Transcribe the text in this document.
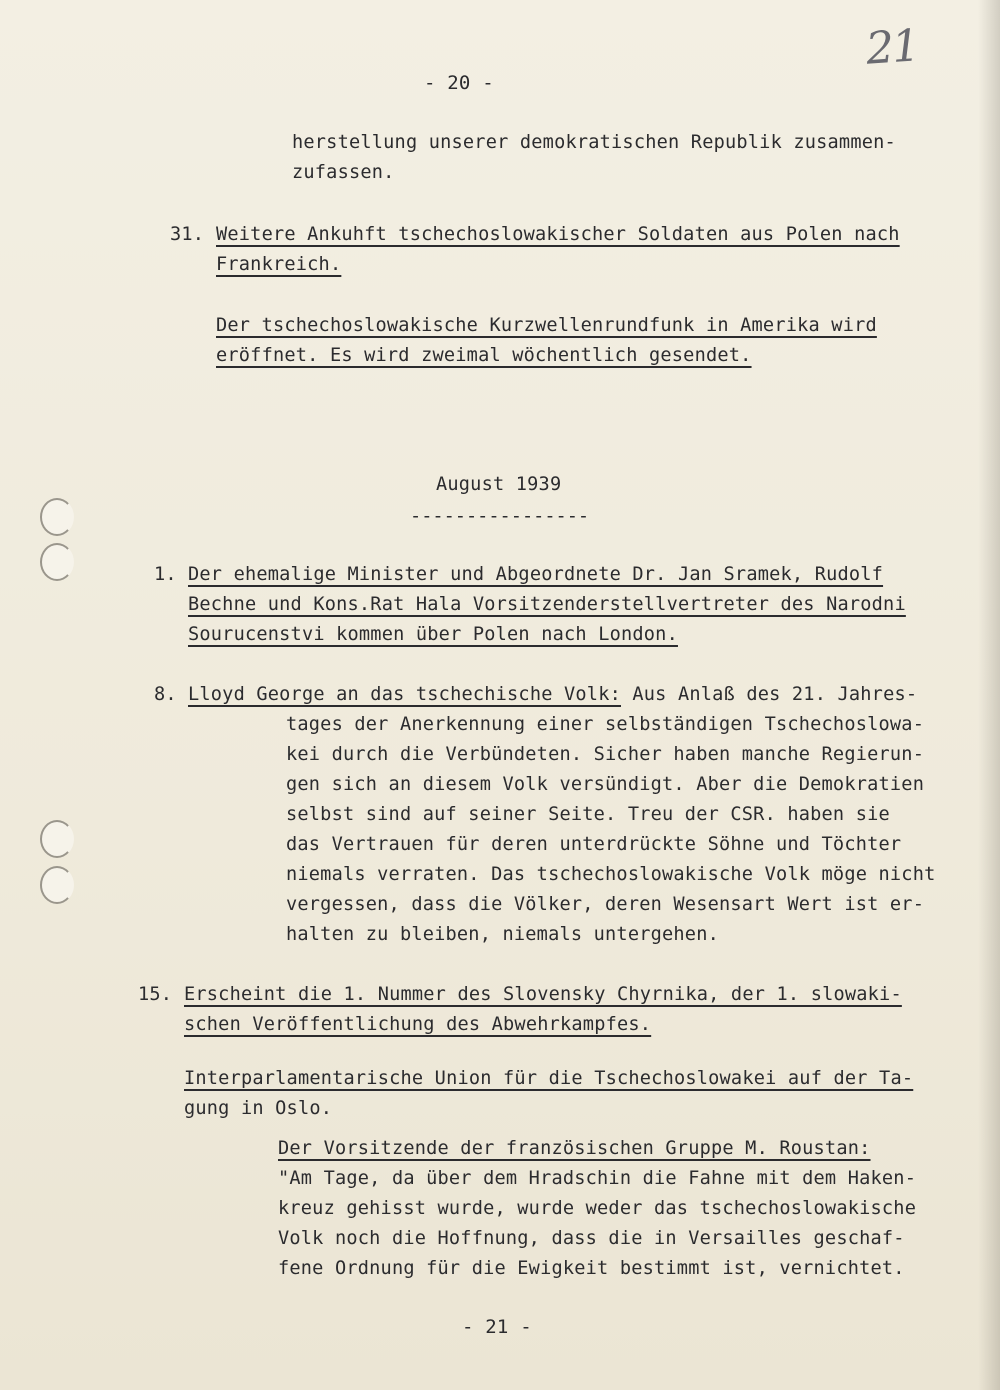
21
- 20 -
herstellung unserer demokratischen Republik zusammen-
zufassen.
31. Weitere Ankuhft tschechoslowakischer Soldaten aus Polen nach
Frankreich.
Der tschechoslowakische Kurzwellenrundfunk in Amerika wird
eröffnet. Es wird zweimal wöchentlich gesendet.
August 1939
----------------
1. Der ehemalige Minister und Abgeordnete Dr. Jan Sramek, Rudolf
Bechne und Kons.Rat Hala Vorsitzenderstellvertreter des Narodni
Sourucenstvi kommen über Polen nach London.
8. Lloyd George an das tschechische Volk: Aus Anlaß des 21. Jahres-
tages der Anerkennung einer selbständigen Tschechoslowa-
kei durch die Verbündeten. Sicher haben manche Regierun-
gen sich an diesem Volk versündigt. Aber die Demokratien
selbst sind auf seiner Seite. Treu der CSR. haben sie
das Vertrauen für deren unterdrückte Söhne und Töchter
niemals verraten. Das tschechoslowakische Volk möge nicht
vergessen, dass die Völker, deren Wesensart Wert ist er-
halten zu bleiben, niemals untergehen.
15. Erscheint die 1. Nummer des Slovensky Chyrnika, der 1. slowaki-
schen Veröffentlichung des Abwehrkampfes.
Interparlamentarische Union für die Tschechoslowakei auf der Ta-
gung in Oslo.
Der Vorsitzende der französischen Gruppe M. Roustan:
"Am Tage, da über dem Hradschin die Fahne mit dem Haken-
kreuz gehisst wurde, wurde weder das tschechoslowakische
Volk noch die Hoffnung, dass die in Versailles geschaf-
fene Ordnung für die Ewigkeit bestimmt ist, vernichtet.
- 21 -
